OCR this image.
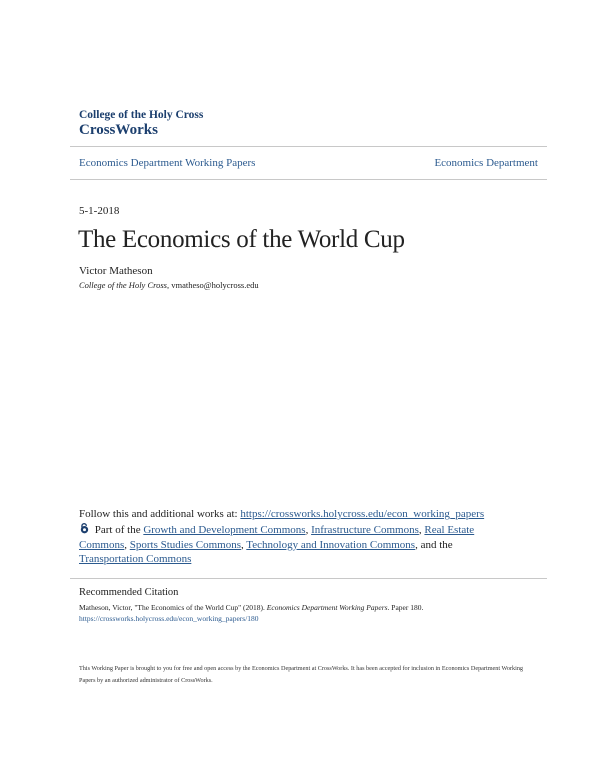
College of the Holy Cross
CrossWorks
Economics Department Working Papers	Economics Department
5-1-2018
The Economics of the World Cup
Victor Matheson
College of the Holy Cross, vmatheso@holycross.edu
Follow this and additional works at: https://crossworks.holycross.edu/econ_working_papers
Part of the Growth and Development Commons, Infrastructure Commons, Real Estate Commons, Sports Studies Commons, Technology and Innovation Commons, and the Transportation Commons
Recommended Citation
Matheson, Victor, "The Economics of the World Cup" (2018). Economics Department Working Papers. Paper 180.
https://crossworks.holycross.edu/econ_working_papers/180
This Working Paper is brought to you for free and open access by the Economics Department at CrossWorks. It has been accepted for inclusion in Economics Department Working Papers by an authorized administrator of CrossWorks.
